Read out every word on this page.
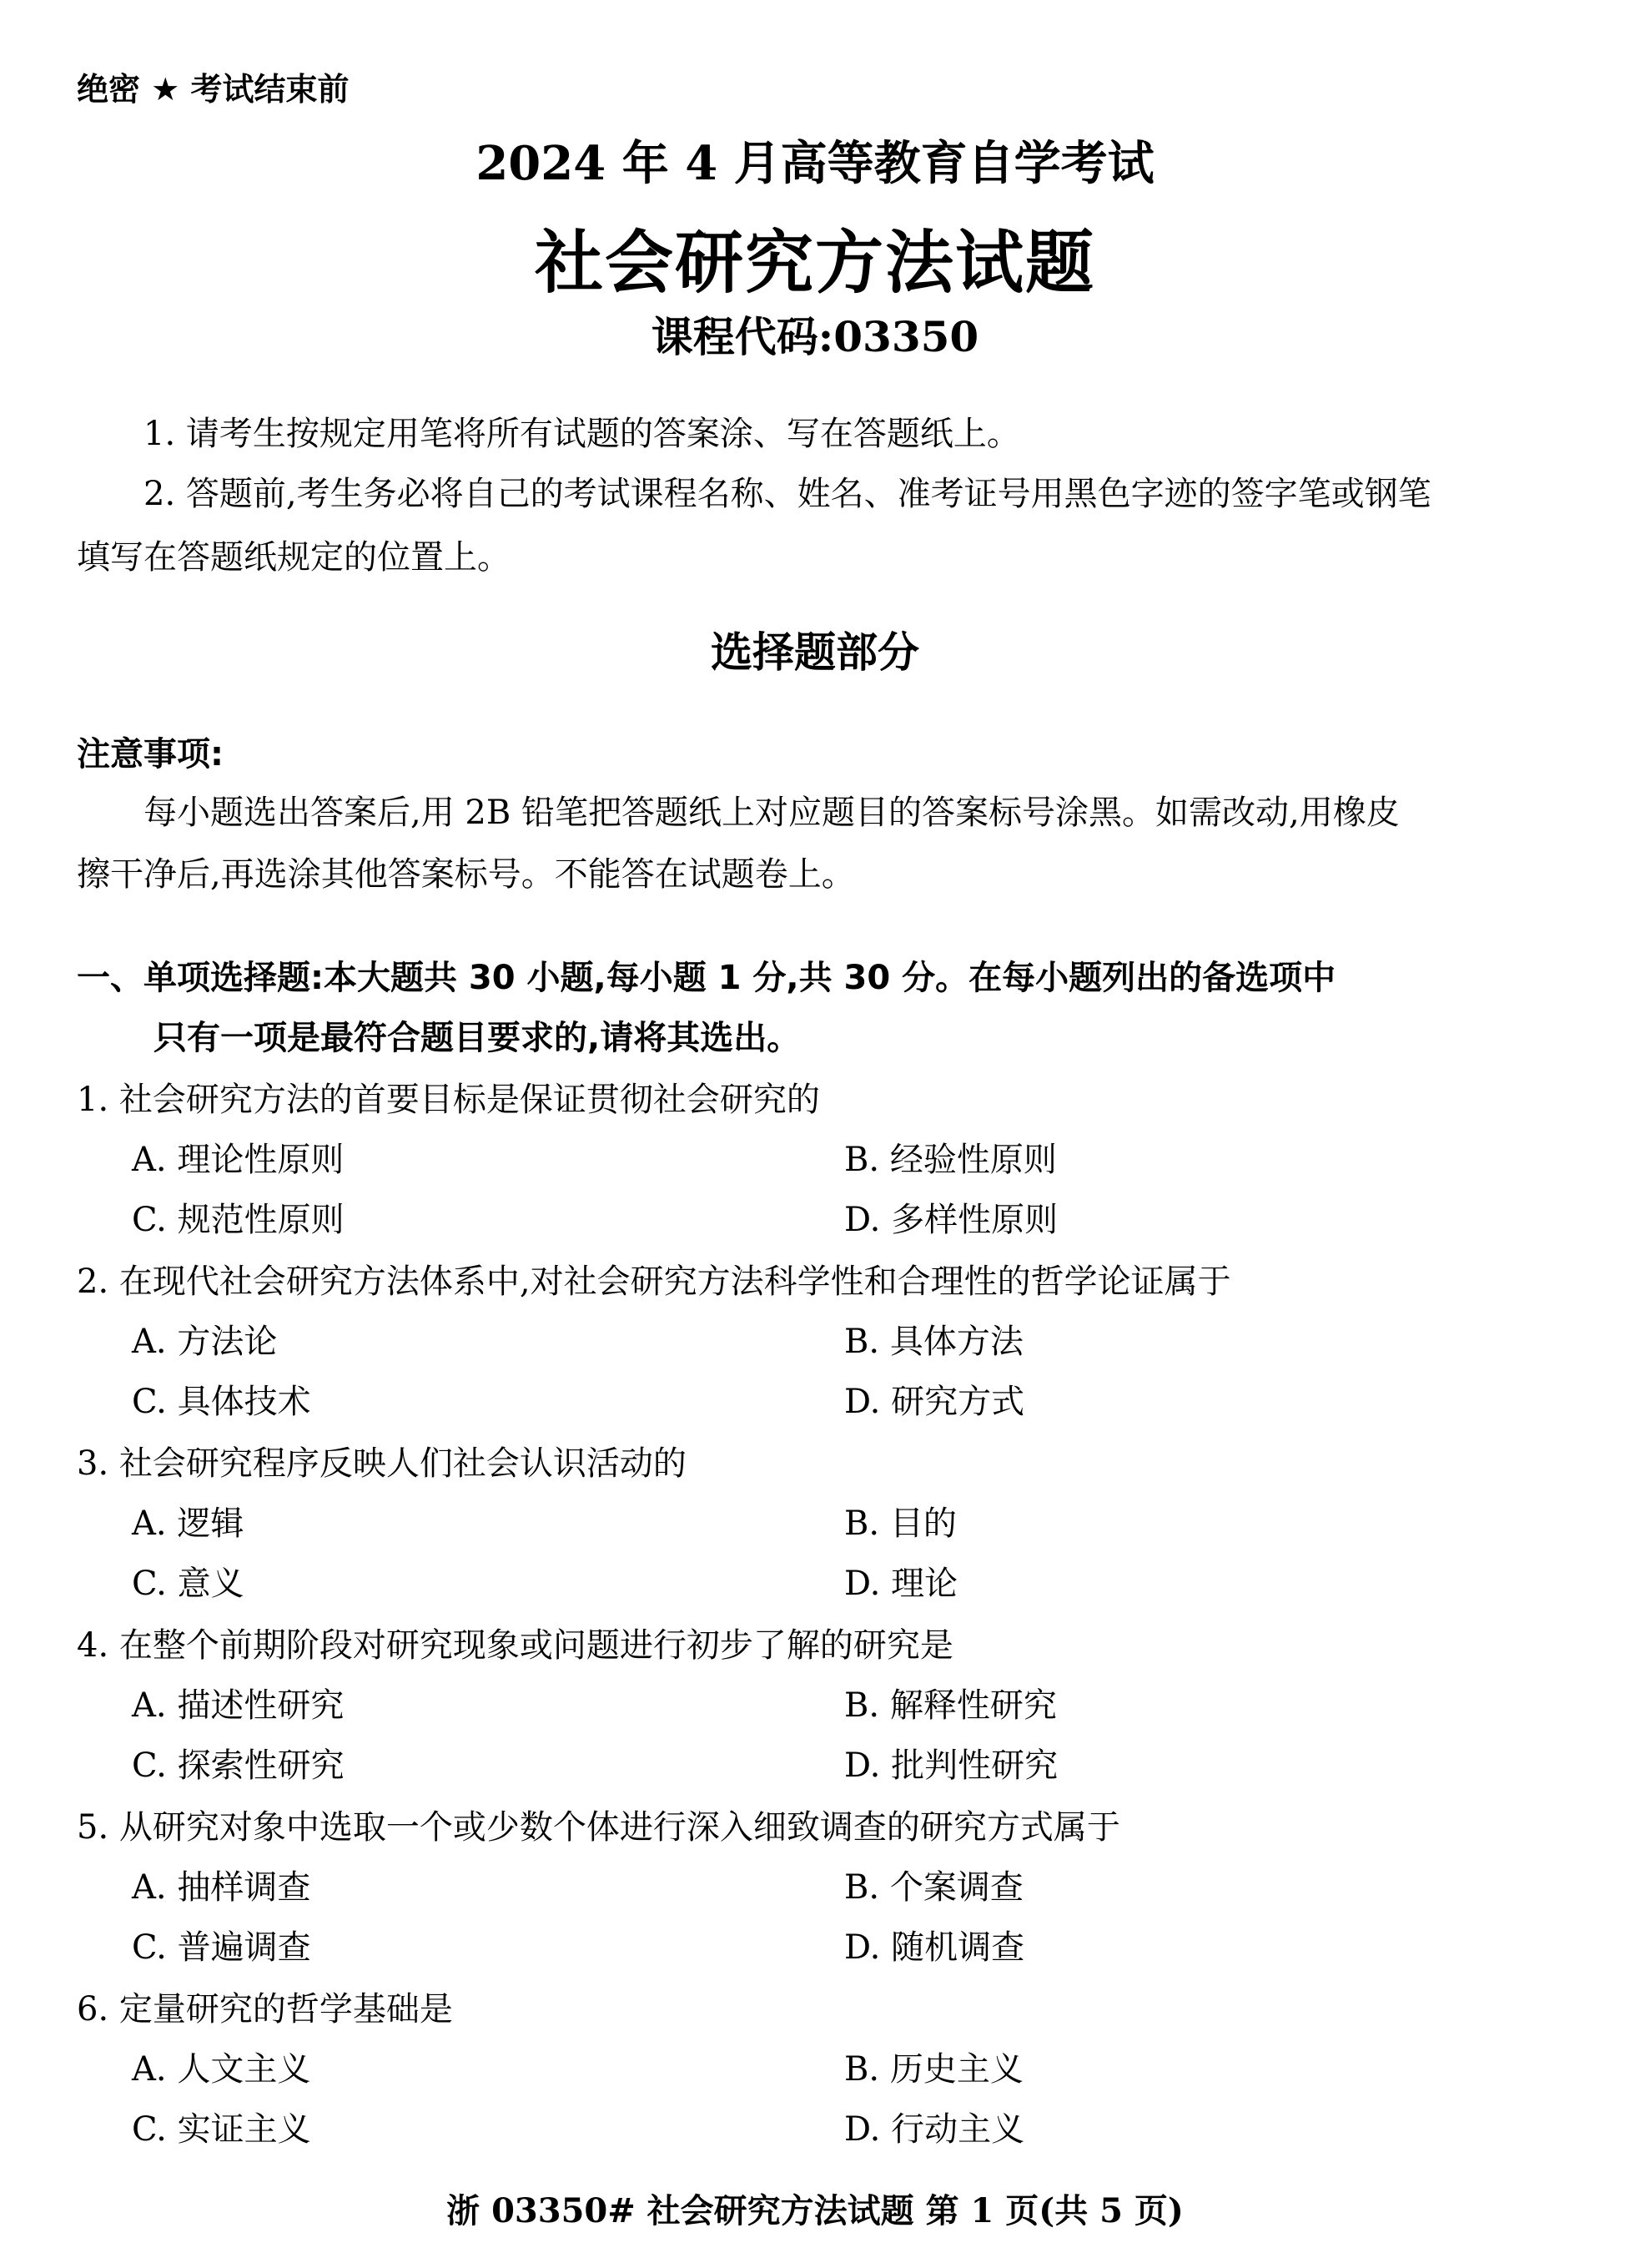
绝密 ★ 考试结束前
2024 年 4 月高等教育自学考试
社会研究方法试题
课程代码:03350
1. 请考生按规定用笔将所有试题的答案涂、写在答题纸上。
2. 答题前,考生务必将自己的考试课程名称、姓名、准考证号用黑色字迹的签字笔或钢笔
填写在答题纸规定的位置上。
选择题部分
注意事项:
每小题选出答案后,用 2B 铅笔把答题纸上对应题目的答案标号涂黑。如需改动,用橡皮
擦干净后,再选涂其他答案标号。不能答在试题卷上。
一、单项选择题:本大题共 30 小题,每小题 1 分,共 30 分。在每小题列出的备选项中
只有一项是最符合题目要求的,请将其选出。
1. 社会研究方法的首要目标是保证贯彻社会研究的
A. 理论性原则	B. 经验性原则
C. 规范性原则	D. 多样性原则
2. 在现代社会研究方法体系中,对社会研究方法科学性和合理性的哲学论证属于
A. 方法论	B. 具体方法
C. 具体技术	D. 研究方式
3. 社会研究程序反映人们社会认识活动的
A. 逻辑	B. 目的
C. 意义	D. 理论
4. 在整个前期阶段对研究现象或问题进行初步了解的研究是
A. 描述性研究	B. 解释性研究
C. 探索性研究	D. 批判性研究
5. 从研究对象中选取一个或少数个体进行深入细致调查的研究方式属于
A. 抽样调查	B. 个案调查
C. 普遍调查	D. 随机调查
6. 定量研究的哲学基础是
A. 人文主义	B. 历史主义
C. 实证主义	D. 行动主义
浙 03350# 社会研究方法试题 第 1 页(共 5 页)
